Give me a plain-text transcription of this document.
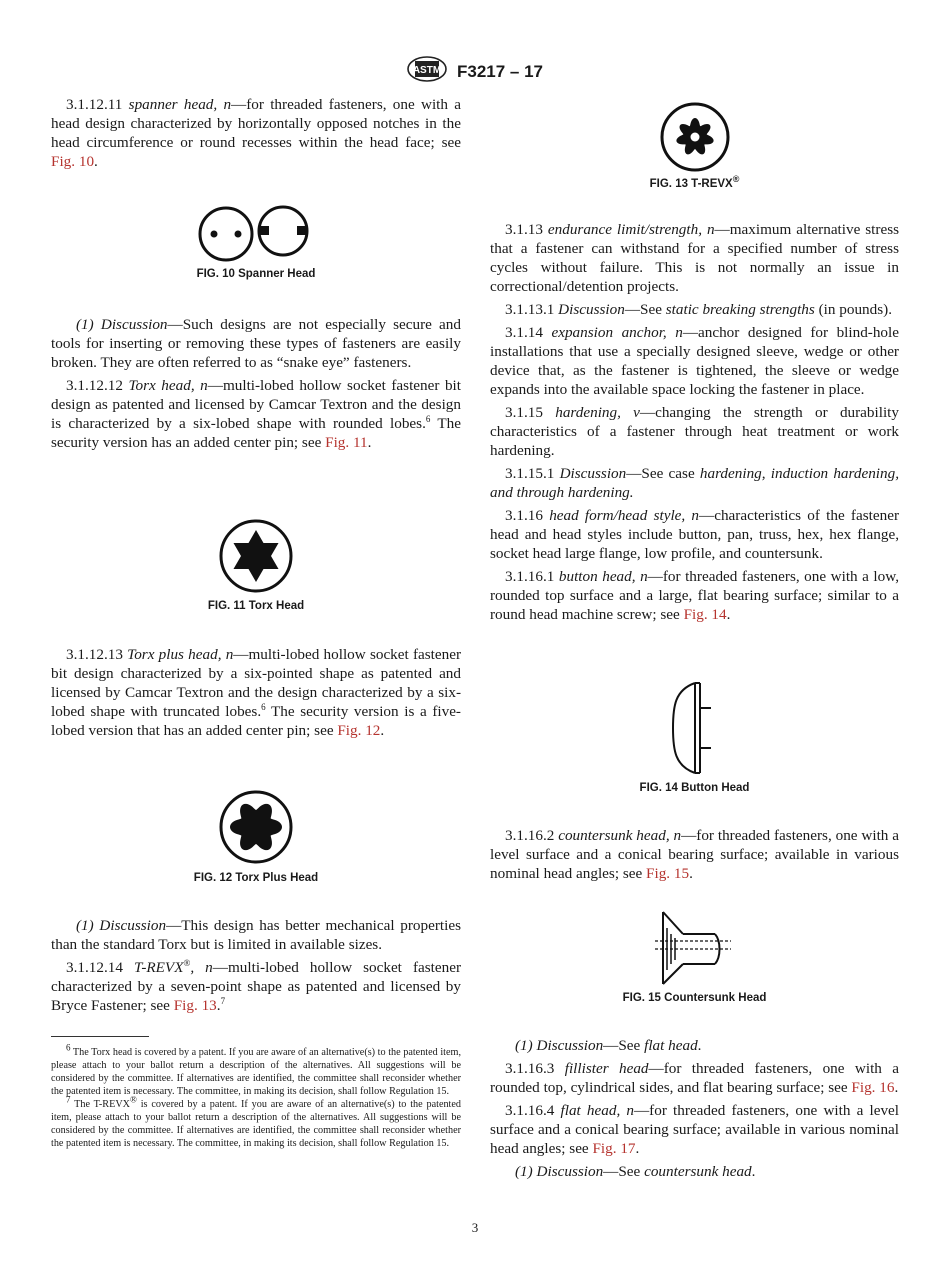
ASTM F3217 – 17

3.1.12.11 spanner head, n—for threaded fasteners, one with a head design characterized by horizontally opposed notches in the head circumference or round recesses within the head face; see Fig. 10.

FIG. 10 Spanner Head

(1) Discussion—Such designs are not especially secure and tools for inserting or removing these types of fasteners are easily broken. They are often referred to as “snake eye” fasteners.

3.1.12.12 Torx head, n—multi-lobed hollow socket fastener bit design as patented and licensed by Camcar Textron and the design is characterized by a six-lobed shape with rounded lobes.$^6$ The security version has an added center pin; see Fig. 11.

FIG. 11 Torx Head

3.1.12.13 Torx plus head, n—multi-lobed hollow socket fastener bit design characterized by a six-pointed shape as patented and licensed by Camcar Textron and the design characterized by a six-lobed shape with truncated lobes.$^6$ The security version is a five-lobed version that has an added center pin; see Fig. 12.

FIG. 12 Torx Plus Head

(1) Discussion—This design has better mechanical properties than the standard Torx but is limited in available sizes.

3.1.12.14 T-REVX®, n—multi-lobed hollow socket fastener characterized by a seven-point shape as patented and licensed by Bryce Fastener; see Fig. 13.$^7$

$^6$ The Torx head is covered by a patent. If you are aware of an alternative(s) to the patented item, please attach to your ballot return a description of the alternatives. All suggestions will be considered by the committee. If alternatives are identified, the committee shall reconsider whether the patented item is necessary. The committee, in making its decision, shall follow Regulation 15.

$^7$ The T-REVX® is covered by a patent. If you are aware of an alternative(s) to the patented item, please attach to your ballot return a description of the alternatives. All suggestions will be considered by the committee. If alternatives are identified, the committee shall reconsider whether the patented item is necessary. The committee, in making its decision, shall follow Regulation 15.

FIG. 13 T-REVX®

3.1.13 endurance limit/strength, n—maximum alternative stress that a fastener can withstand for a specified number of stress cycles without failure. This is not normally an issue in correctional/detention projects.

3.1.13.1 Discussion—See static breaking strengths (in pounds).

3.1.14 expansion anchor, n—anchor designed for blind-hole installations that use a specially designed sleeve, wedge or other device that, as the fastener is tightened, the sleeve or wedge expands into the available space locking the fastener in place.

3.1.15 hardening, v—changing the strength or durability characteristics of a fastener through heat treatment or work hardening.

3.1.15.1 Discussion—See case hardening, induction hardening, and through hardening.

3.1.16 head form/head style, n—characteristics of the fastener head and head styles include button, pan, truss, hex, hex flange, socket head large flange, low profile, and countersunk.

3.1.16.1 button head, n—for threaded fasteners, one with a low, rounded top surface and a large, flat bearing surface; similar to a round head machine screw; see Fig. 14.

FIG. 14 Button Head

3.1.16.2 countersunk head, n—for threaded fasteners, one with a level surface and a conical bearing surface; available in various nominal head angles; see Fig. 15.

FIG. 15 Countersunk Head

(1) Discussion—See flat head.

3.1.16.3 fillister head—for threaded fasteners, one with a rounded top, cylindrical sides, and flat bearing surface; see Fig. 16.

3.1.16.4 flat head, n—for threaded fasteners, one with a level surface and a conical bearing surface; available in various nominal head angles; see Fig. 17.

(1) Discussion—See countersunk head.

3
